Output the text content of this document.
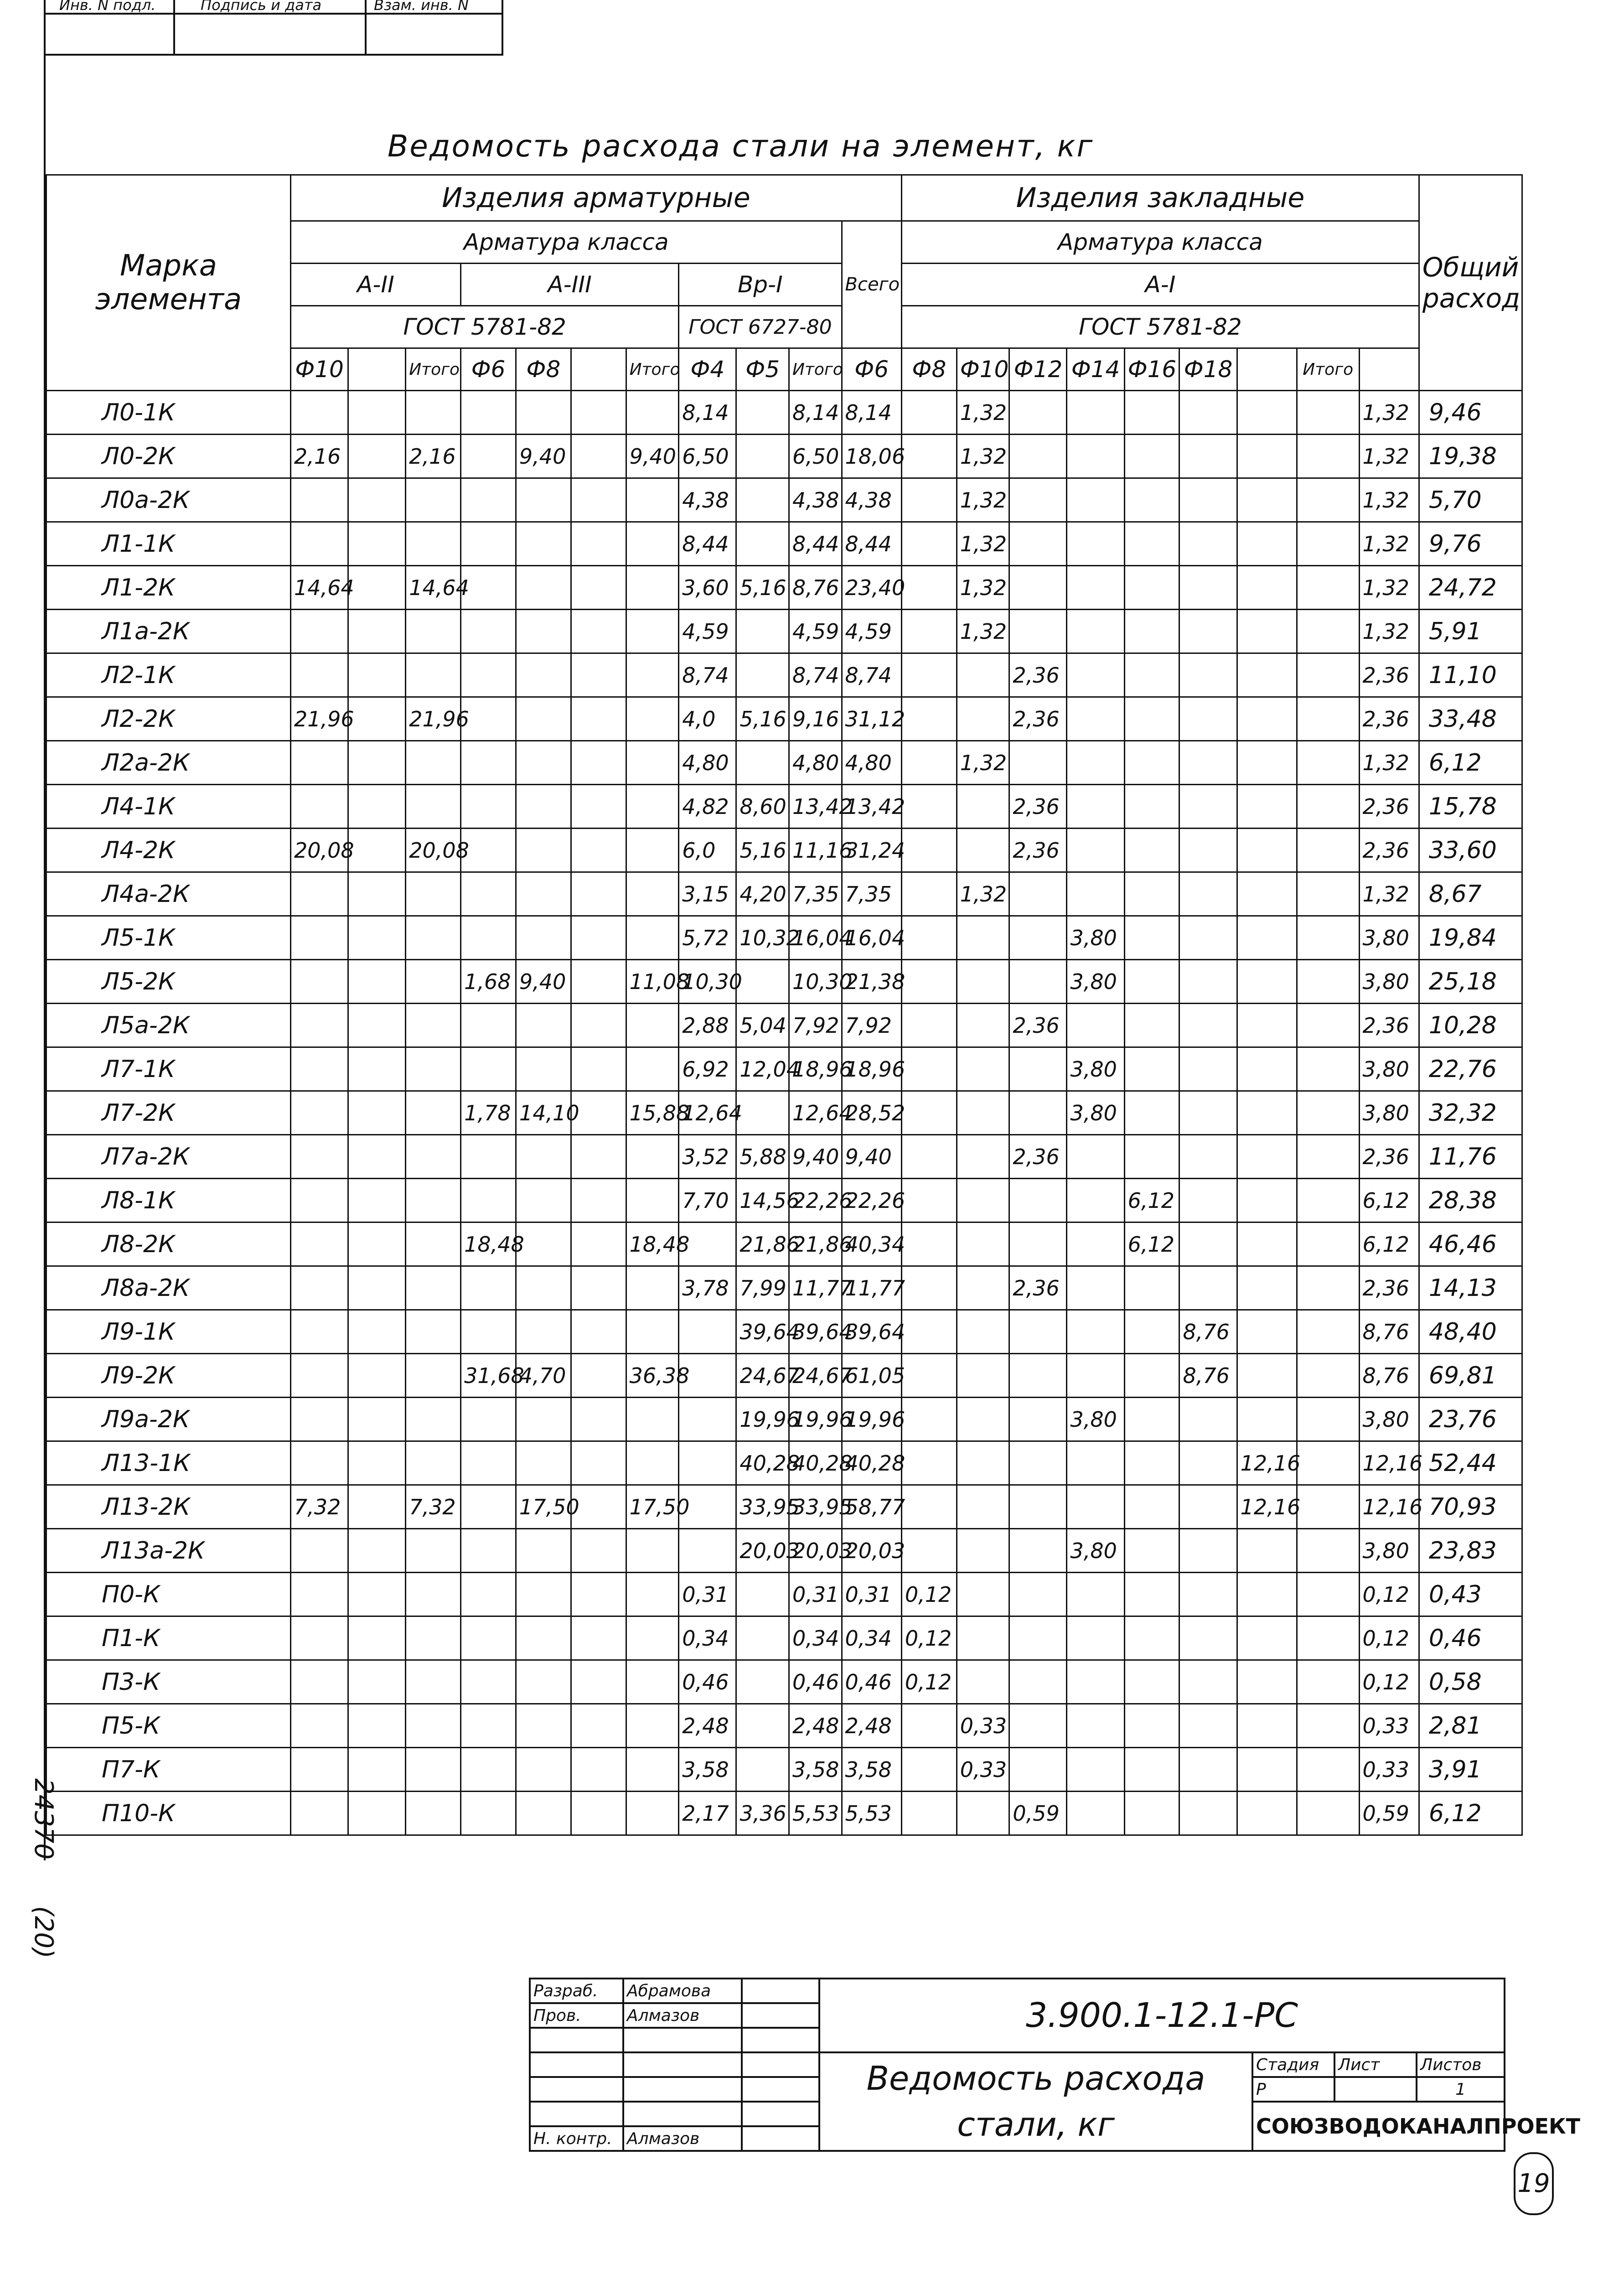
Инв. N подл.	Подпись и дата	Взам. инв. N
Ведомость расхода стали на элемент, кг
Марка элемента	Изделия арматурные											Изделия закладные									Общий расход
	Арматура класса										Всего	Арматура класса									
	А-II			А-III				Вр-I				А-I									
	ГОСТ 5781-82							ГОСТ 6727-80				ГОСТ 5781-82									
	Ф10		Итого	Ф6	Ф8		Итого	Ф4	Ф5	Итого	Ф6	Ф8	Ф10	Ф12	Ф14	Ф16	Ф18		Итого		
Л0-1К								8,14		8,14	8,14		1,32							1,32	9,46
Л0-2К	2,16		2,16		9,40		9,40	6,50		6,50	18,06		1,32							1,32	19,38
Л0а-2К								4,38		4,38	4,38		1,32							1,32	5,70
Л1-1К								8,44		8,44	8,44		1,32							1,32	9,76
Л1-2К	14,64		14,64					3,60	5,16	8,76	23,40		1,32							1,32	24,72
Л1а-2К								4,59		4,59	4,59		1,32							1,32	5,91
Л2-1К								8,74		8,74	8,74			2,36						2,36	11,10
Л2-2К	21,96		21,96					4,0	5,16	9,16	31,12			2,36						2,36	33,48
Л2а-2К								4,80		4,80	4,80		1,32							1,32	6,12
Л4-1К								4,82	8,60	13,42	13,42			2,36						2,36	15,78
Л4-2К	20,08		20,08					6,0	5,16	11,16	31,24			2,36						2,36	33,60
Л4а-2К								3,15	4,20	7,35	7,35		1,32							1,32	8,67
Л5-1К								5,72	10,32	16,04	16,04				3,80					3,80	19,84
Л5-2К				1,68	9,40		11,08	10,30		10,30	21,38				3,80					3,80	25,18
Л5а-2К								2,88	5,04	7,92	7,92			2,36						2,36	10,28
Л7-1К								6,92	12,04	18,96	18,96				3,80					3,80	22,76
Л7-2К				1,78	14,10		15,88	12,64		12,64	28,52				3,80					3,80	32,32
Л7а-2К								3,52	5,88	9,40	9,40			2,36						2,36	11,76
Л8-1К								7,70	14,56	22,26	22,26					6,12				6,12	28,38
Л8-2К				18,48			18,48		21,86	21,86	40,34					6,12				6,12	46,46
Л8а-2К								3,78	7,99	11,77	11,77			2,36						2,36	14,13
Л9-1К									39,64	39,64	39,64						8,76			8,76	48,40
Л9-2К				31,68	4,70		36,38		24,67	24,67	61,05						8,76			8,76	69,81
Л9а-2К									19,96	19,96	19,96				3,80					3,80	23,76
Л13-1К									40,28	40,28	40,28							12,16		12,16	52,44
Л13-2К	7,32		7,32		17,50		17,50		33,95	33,95	58,77							12,16		12,16	70,93
Л13а-2К									20,03	20,03	20,03				3,80					3,80	23,83
П0-К								0,31		0,31	0,31	0,12								0,12	0,43
П1-К								0,34		0,34	0,34	0,12								0,12	0,46
П3-К								0,46		0,46	0,46	0,12								0,12	0,58
П5-К								2,48		2,48	2,48		0,33							0,33	2,81
П7-К								3,58		3,58	3,58		0,33							0,33	3,91
П10-К								2,17	3,36	5,53	5,53			0,59						0,59	6,12
Разраб.	Абрамова		3.900.1-12.1-РС			
Пров.	Алмазов					

			Ведомость расхода
стали, кг	Стадия	Лист	Листов
				Р		1
				СОЮЗВОДОКАНАЛПРОЕКТ		
Н. контр.	Алмазов					
24370
(20)
19
